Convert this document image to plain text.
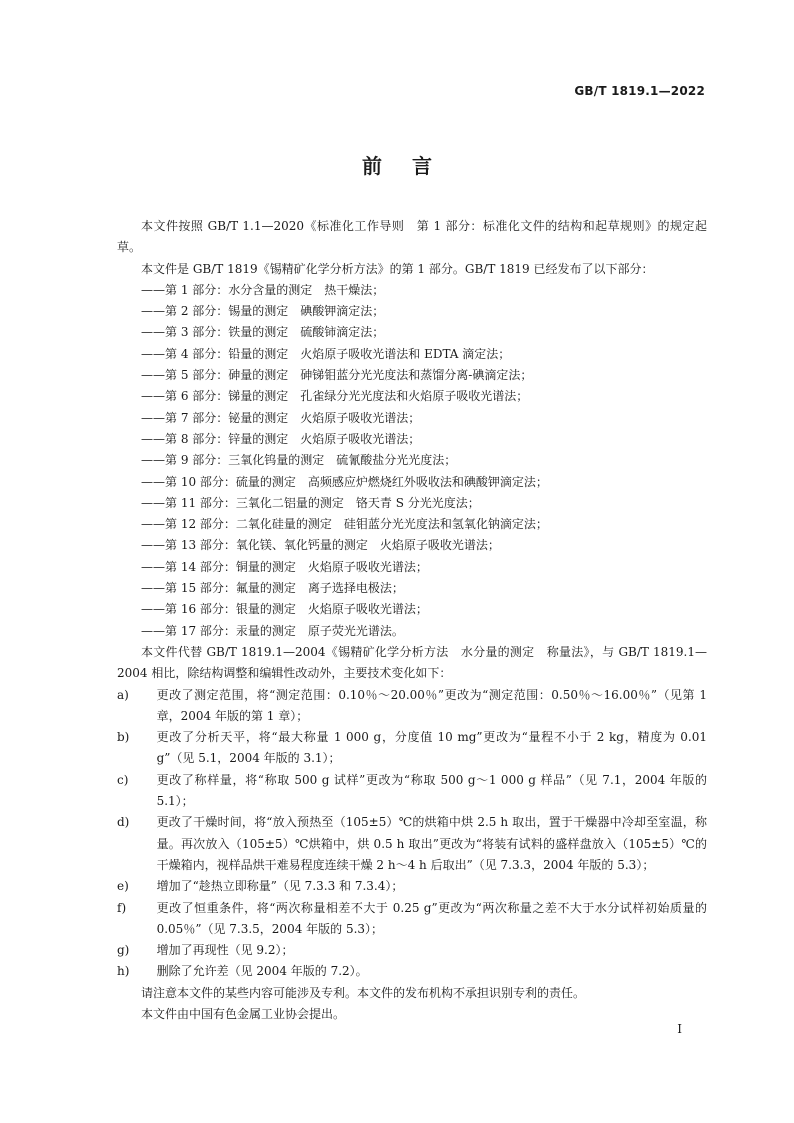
GB/T 1819.1—2022
前言
本文件按照 GB/T 1.1—2020《标准化工作导则　第 1 部分：标准化文件的结构和起草规则》的规定起草。
本文件是 GB/T 1819《锡精矿化学分析方法》的第 1 部分。GB/T 1819 已经发布了以下部分：
——第 1 部分：水分含量的测定　热干燥法；
——第 2 部分：锡量的测定　碘酸钾滴定法；
——第 3 部分：铁量的测定　硫酸铈滴定法；
——第 4 部分：铅量的测定　火焰原子吸收光谱法和 EDTA 滴定法；
——第 5 部分：砷量的测定　砷锑钼蓝分光光度法和蒸馏分离-碘滴定法；
——第 6 部分：锑量的测定　孔雀绿分光光度法和火焰原子吸收光谱法；
——第 7 部分：铋量的测定　火焰原子吸收光谱法；
——第 8 部分：锌量的测定　火焰原子吸收光谱法；
——第 9 部分：三氧化钨量的测定　硫氰酸盐分光光度法；
——第 10 部分：硫量的测定　高频感应炉燃烧红外吸收法和碘酸钾滴定法；
——第 11 部分：三氧化二铝量的测定　铬天青 S 分光光度法；
——第 12 部分：二氧化硅量的测定　硅钼蓝分光光度法和氢氧化钠滴定法；
——第 13 部分：氧化镁、氧化钙量的测定　火焰原子吸收光谱法；
——第 14 部分：铜量的测定　火焰原子吸收光谱法；
——第 15 部分：氟量的测定　离子选择电极法；
——第 16 部分：银量的测定　火焰原子吸收光谱法；
——第 17 部分：汞量的测定　原子荧光光谱法。
本文件代替 GB/T 1819.1—2004《锡精矿化学分析方法　水分量的测定　称量法》，与 GB/T 1819.1—2004 相比，除结构调整和编辑性改动外，主要技术变化如下：
a)	更改了测定范围，将“测定范围：0.10％～20.00％”更改为“测定范围：0.50％～16.00％”（见第 1 章，2004 年版的第 1 章）；
b)	更改了分析天平，将“最大称量 1 000 g，分度值 10 mg”更改为“量程不小于 2 kg，精度为 0.01 g”（见 5.1，2004 年版的 3.1）；
c)	更改了称样量，将“称取 500 g 试样”更改为“称取 500 g～1 000 g 样品”（见 7.1，2004 年版的 5.1）；
d)	更改了干燥时间，将“放入预热至（105±5）℃的烘箱中烘 2.5 h 取出，置于干燥器中冷却至室温，称量。再次放入（105±5）℃烘箱中，烘 0.5 h 取出”更改为“将装有试料的盛样盘放入（105±5）℃的干燥箱内，视样品烘干难易程度连续干燥 2 h～4 h 后取出”（见 7.3.3，2004 年版的 5.3）；
e)	增加了“趁热立即称量”（见 7.3.3 和 7.3.4）；
f)	更改了恒重条件，将“两次称量相差不大于 0.25 g”更改为“两次称量之差不大于水分试样初始质量的 0.05％”（见 7.3.5，2004 年版的 5.3）；
g)	增加了再现性（见 9.2）；
h)	删除了允许差（见 2004 年版的 7.2）。
请注意本文件的某些内容可能涉及专利。本文件的发布机构不承担识别专利的责任。
本文件由中国有色金属工业协会提出。
I
